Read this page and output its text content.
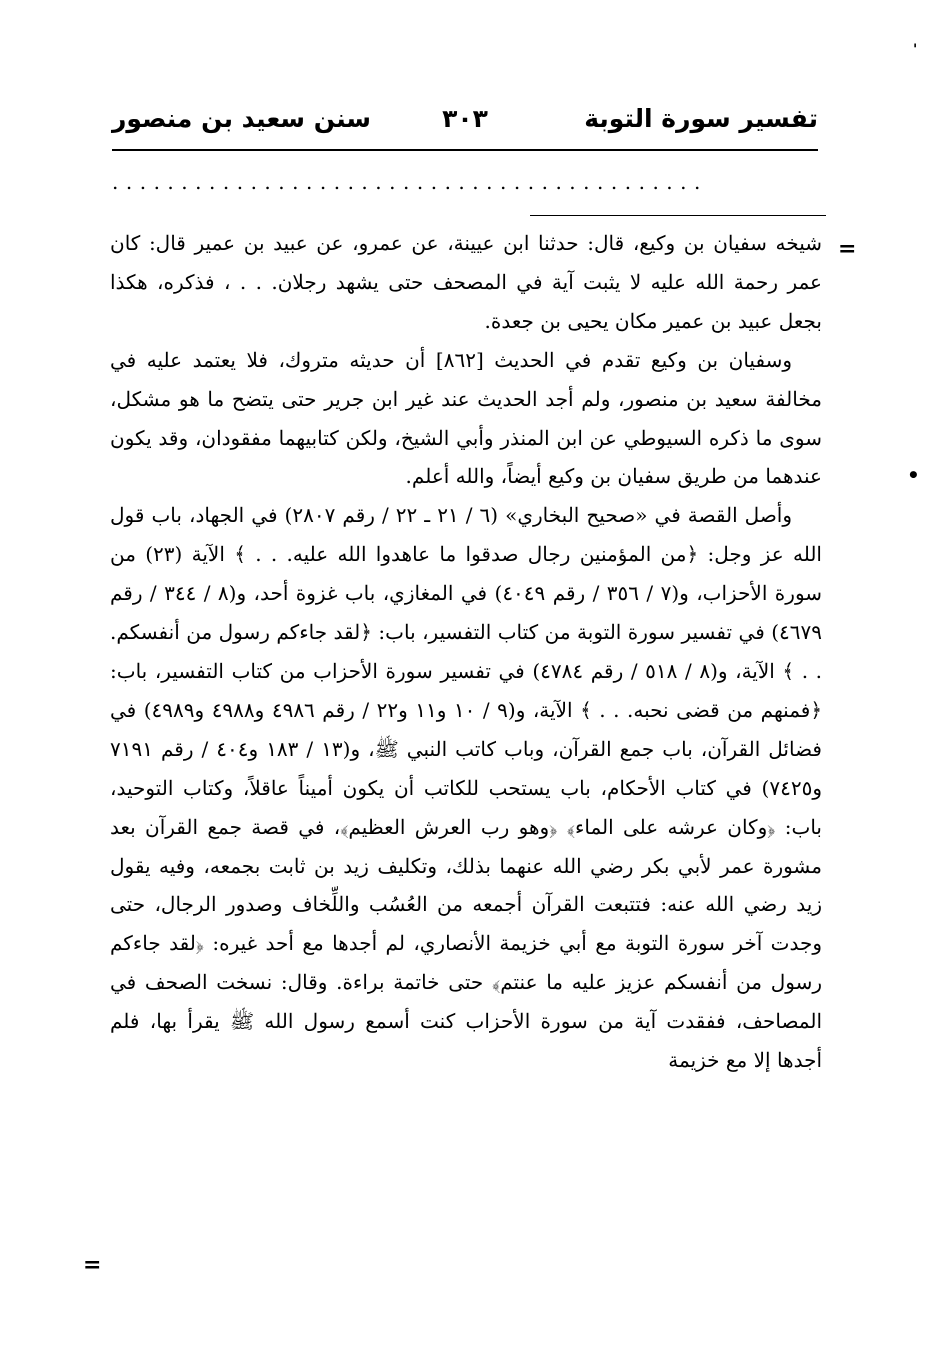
'
تفسير سورة التوبة
٣٠٣
سنن سعيد بن منصور
...........................................
=
•

شيخه سفيان بن وكيع، قال: حدثنا ابن عيينة، عن عمرو، عن عبيد بن عمير قال: كان عمر رحمة الله عليه لا يثبت آية في المصحف حتى يشهد رجلان. . . ، فذكره، هكذا بجعل عبيد بن عمير مكان يحيى بن جعدة.

وسفيان بن وكيع تقدم في الحديث [٨٦٢] أن حديثه متروك، فلا يعتمد عليه في مخالفة سعيد بن منصور، ولم أجد الحديث عند غير ابن جرير حتى يتضح ما هو مشكل، سوى ما ذكره السيوطي عن ابن المنذر وأبي الشيخ، ولكن كتابيهما مفقودان، وقد يكون عندهما من طريق سفيان بن وكيع أيضاً، والله أعلم.

وأصل القصة في «صحيح البخاري» (٦ / ٢١ ـ ٢٢ / رقم ٢٨٠٧) في الجهاد، باب قول الله عز وجل: ﴿من المؤمنين رجال صدقوا ما عاهدوا الله عليه. . . ﴾ الآية (٢٣) من سورة الأحزاب، و(٧ / ٣٥٦ / رقم ٤٠٤٩) في المغازي، باب غزوة أحد، و(٨ / ٣٤٤ / رقم ٤٦٧٩) في تفسير سورة التوبة من كتاب التفسير، باب: ﴿لقد جاءكم رسول من أنفسكم. . . ﴾ الآية، و(٨ / ٥١٨ / رقم ٤٧٨٤) في تفسير سورة الأحزاب من كتاب التفسير، باب: ﴿فمنهم من قضى نحبه. . . ﴾ الآية، و(٩ / ١٠ و١١ و٢٢ / رقم ٤٩٨٦ و٤٩٨٨ و٤٩٨٩) في فضائل القرآن، باب جمع القرآن، وباب كاتب النبي ﷺ، و(١٣ / ١٨٣ و٤٠٤ / رقم ٧١٩١ و٧٤٢٥) في كتاب الأحكام، باب يستحب للكاتب أن يكون أميناً عاقلاً، وكتاب التوحيد، باب: ﴿وكان عرشه على الماء﴾ ﴿وهو رب العرش العظيم﴾، في قصة جمع القرآن بعد مشورة عمر لأبي بكر رضي الله عنهما بذلك، وتكليف زيد بن ثابت بجمعه، وفيه يقول زيد رضي الله عنه: فتتبعت القرآن أجمعه من العُسُب واللِّخاف وصدور الرجال، حتى وجدت آخر سورة التوبة مع أبي خزيمة الأنصاري، لم أجدها مع أحد غيره: ﴿لقد جاءكم رسول من أنفسكم عزيز عليه ما عنتم﴾ حتى خاتمة براءة. وقال: نسخت الصحف في المصاحف، ففقدت آية من سورة الأحزاب كنت أسمع رسول الله ﷺ يقرأ بها، فلم أجدها إلا مع خزيمة

=
